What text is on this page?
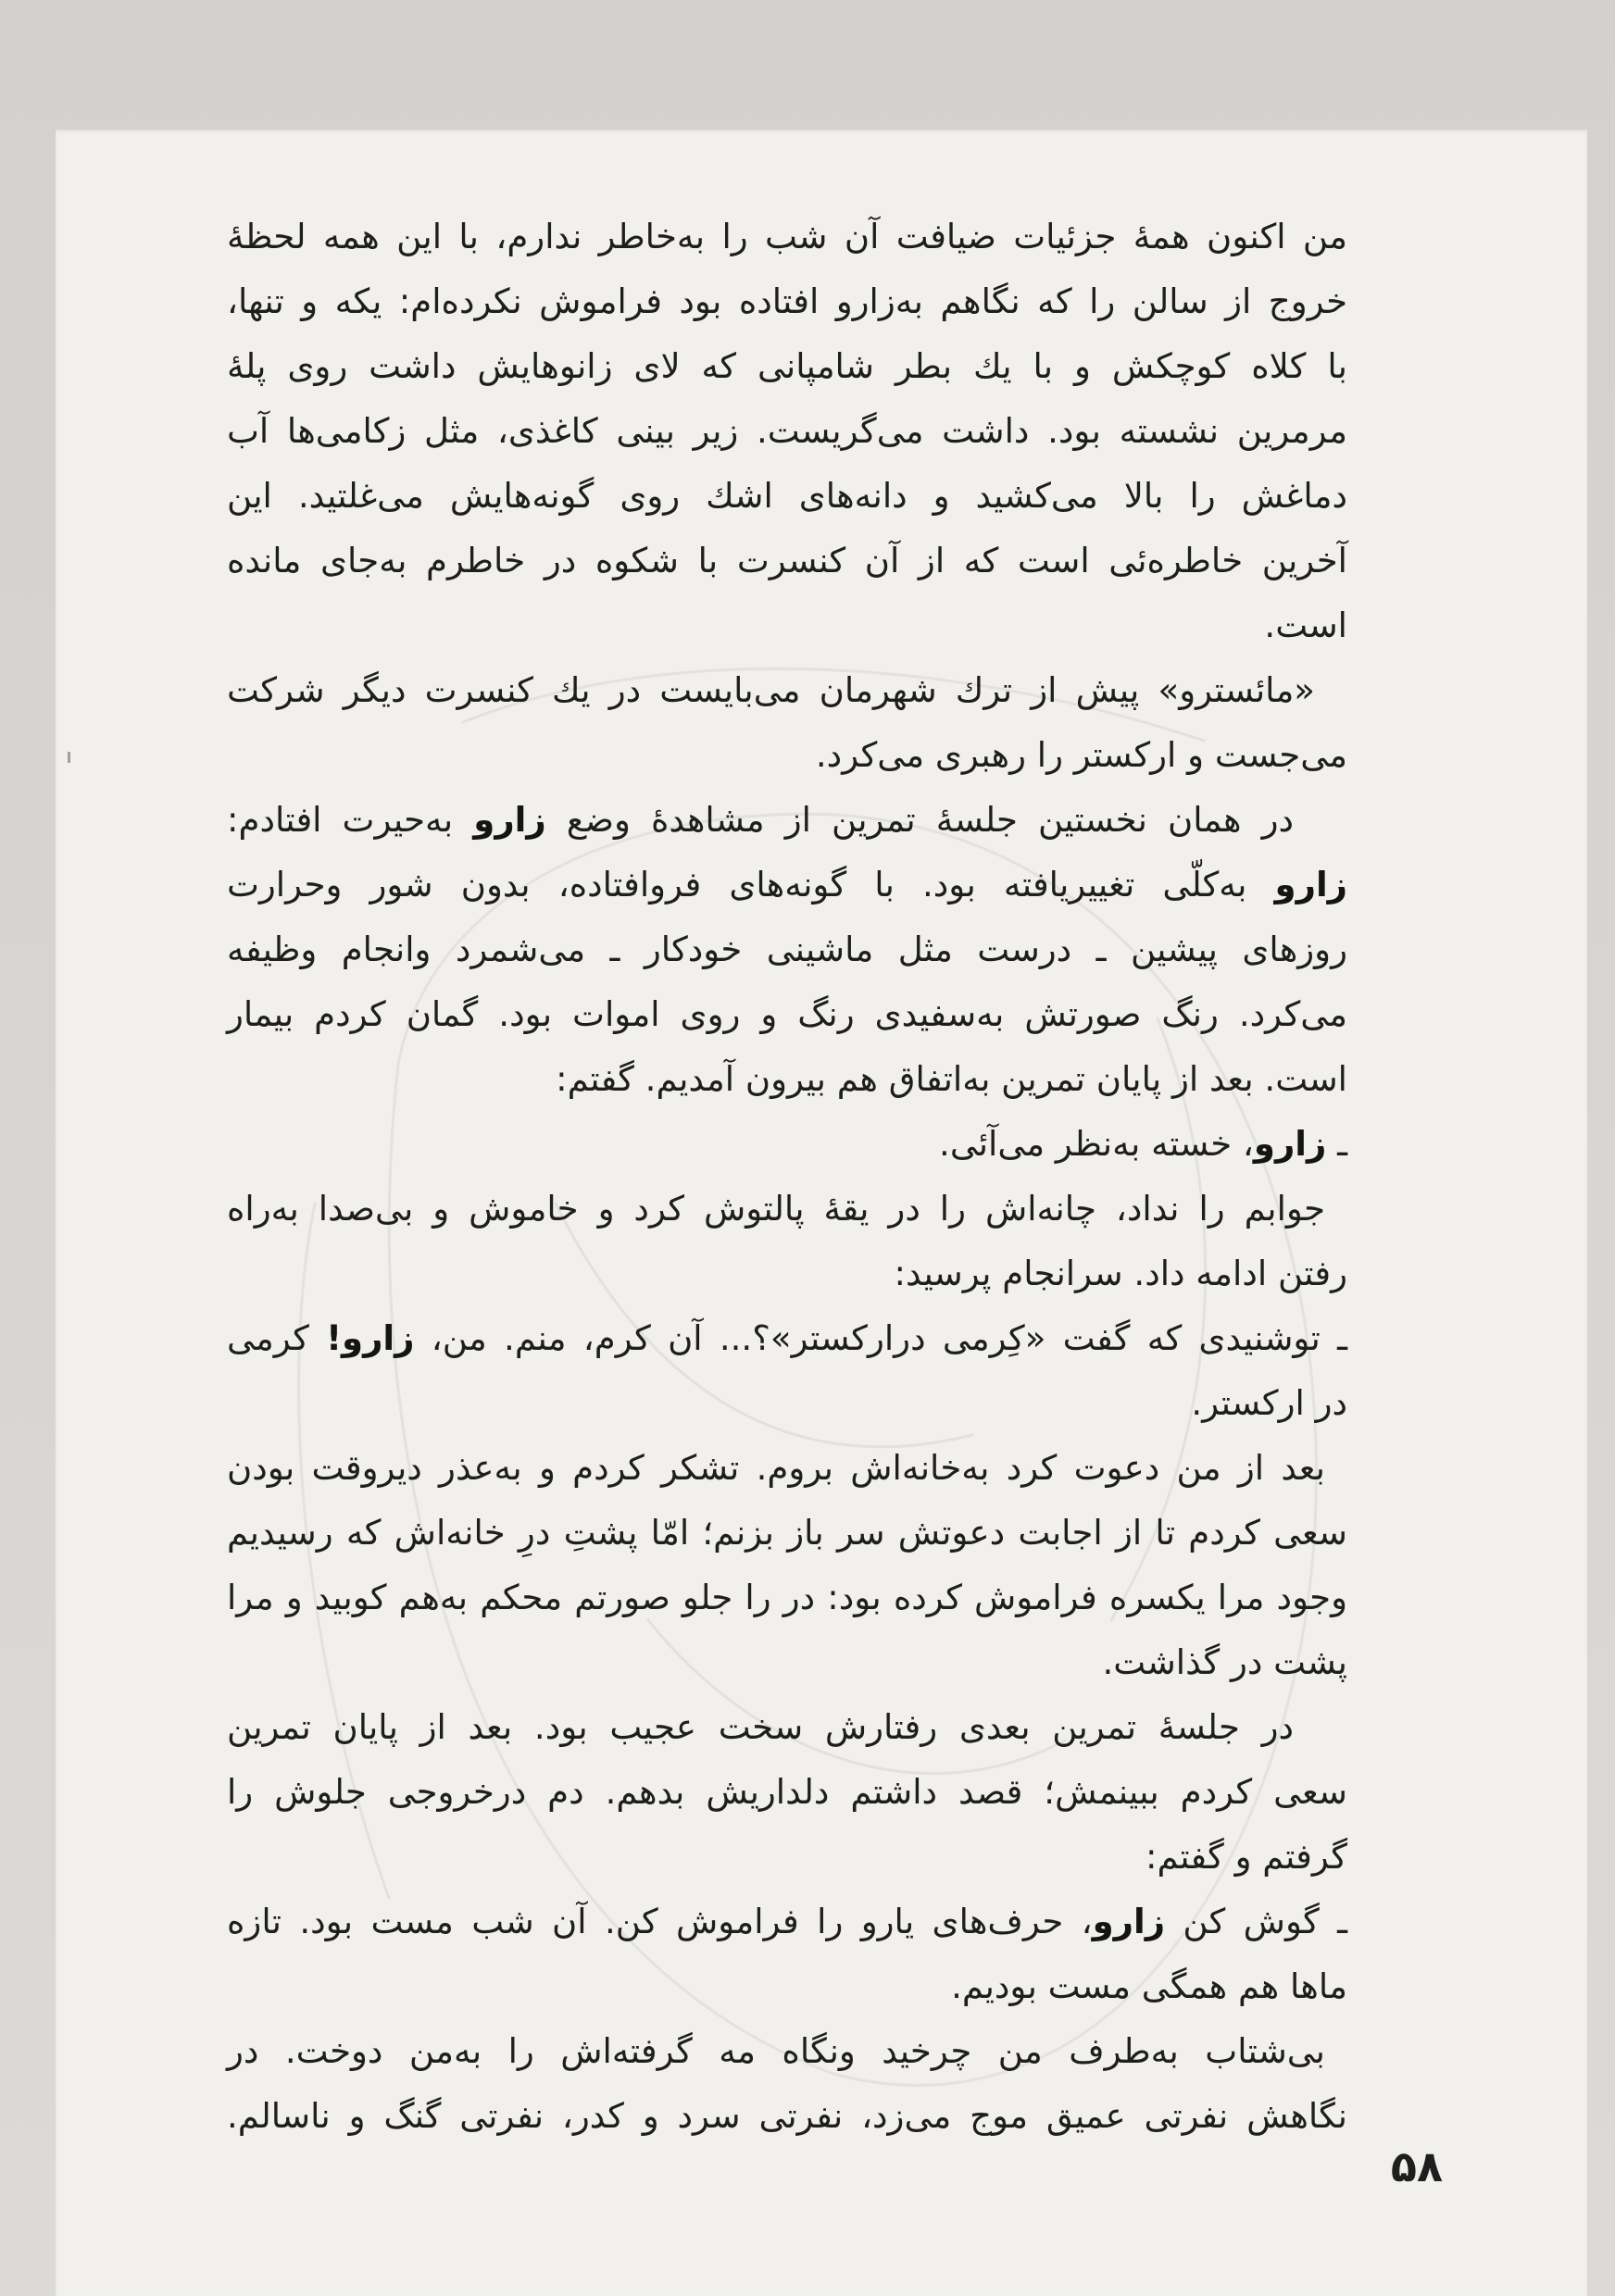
من اکنون همهٔ جزئیات ضیافت آن شب را به‌خاطر ندارم، با این همه لحظهٔ
خروج از سالن را که نگاهم به‌زارو افتاده بود فراموش نکرده‌ام: یکه و تنها،
با کلاه کوچکش و با یك بطر شامپانی که لای زانوهایش داشت روی پلهٔ
مرمرین نشسته بود. داشت می‌گریست. زیر بینی کاغذی، مثل زکامی‌ها آب
دماغش را بالا می‌کشید و دانه‌های اشك روی گونه‌هایش می‌غلتید. این
آخرین خاطره‌ئی است که از آن کنسرت با شکوه در خاطرم به‌جای مانده
است.
«مائسترو» پیش از ترك شهرمان می‌بایست در یك کنسرت دیگر شرکت
می‌جست و ارکستر را رهبری می‌کرد.
در همان نخستین جلسهٔ تمرین از مشاهدهٔ وضع زارو به‌حیرت افتادم:
زارو به‌کلّی تغییریافته بود. با گونه‌های فروافتاده، بدون شور وحرارت
روزهای پیشین ـ درست مثل ماشینی خودکار ـ می‌شمرد وانجام وظیفه
می‌کرد. رنگ صورتش به‌سفیدی رنگ و روی اموات بود. گمان کردم بیمار
است. بعد از پایان تمرین به‌اتفاق هم بیرون آمدیم. گفتم:
ـ زارو، خسته به‌نظر می‌آئی.
جوابم را نداد، چانه‌اش را در یقهٔ پالتوش کرد و خاموش و بی‌صدا به‌راه
رفتن ادامه داد. سرانجام پرسید:
ـ توشنیدی که گفت «کِرمی درارکستر»؟... آن کرم، منم. من، زارو! کرمی
در ارکستر.
بعد از من دعوت کرد به‌خانه‌اش بروم. تشکر کردم و به‌عذر دیروقت بودن
سعی کردم تا از اجابت دعوتش سر باز بزنم؛ امّا پشتِ درِ خانه‌اش که رسیدیم
وجود مرا یکسره فراموش کرده بود: در را جلو صورتم محکم به‌هم کوبید و مرا
پشت در گذاشت.
در جلسهٔ تمرین بعدی رفتارش سخت عجیب بود. بعد از پایان تمرین
سعی کردم ببینمش؛ قصد داشتم دلداریش بدهم. دم درخروجی جلوش را
گرفتم و گفتم:
ـ گوش کن زارو، حرف‌های یارو را فراموش کن. آن شب مست بود. تازه
ماها هم همگی مست بودیم.
بی‌شتاب به‌طرف من چرخید ونگاه مه گرفته‌اش را به‌من دوخت. در
نگاهش نفرتی عمیق موج می‌زد، نفرتی سرد و کدر، نفرتی گنگ و ناسالم.
۵۸
